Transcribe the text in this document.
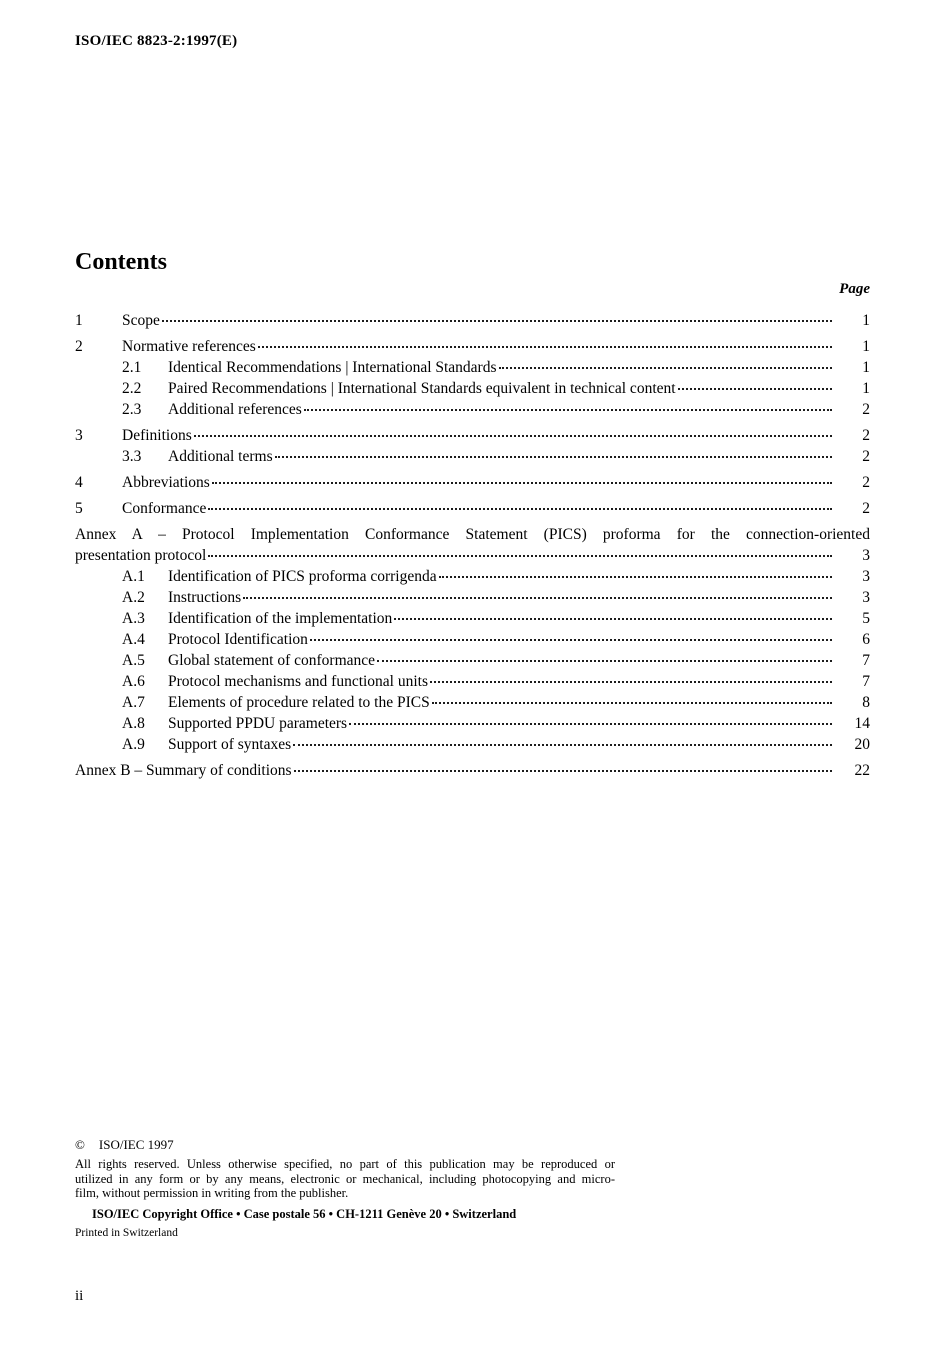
ISO/IEC 8823-2:1997(E)
Contents
Page
1	Scope	1
2	Normative references	1
2.1	Identical Recommendations | International Standards	1
2.2	Paired Recommendations | International Standards equivalent in technical content	1
2.3	Additional references	2
3	Definitions	2
3.3	Additional terms	2
4	Abbreviations	2
5	Conformance	2
Annex A – Protocol Implementation Conformance Statement (PICS) proforma for the connection-oriented
presentation protocol	3
A.1	Identification of PICS proforma corrigenda	3
A.2	Instructions	3
A.3	Identification of the implementation	5
A.4	Protocol Identification	6
A.5	Global statement of conformance	7
A.6	Protocol mechanisms and functional units	7
A.7	Elements of procedure related to the PICS	8
A.8	Supported PPDU parameters	14
A.9	Support of syntaxes	20
Annex B – Summary of conditions	22
© ISO/IEC 1997
All rights reserved. Unless otherwise specified, no part of this publication may be reproduced or
utilized in any form or by any means, electronic or mechanical, including photocopying and micro-
film, without permission in writing from the publisher.
ISO/IEC Copyright Office • Case postale 56 • CH-1211 Genève 20 • Switzerland
Printed in Switzerland
ii
